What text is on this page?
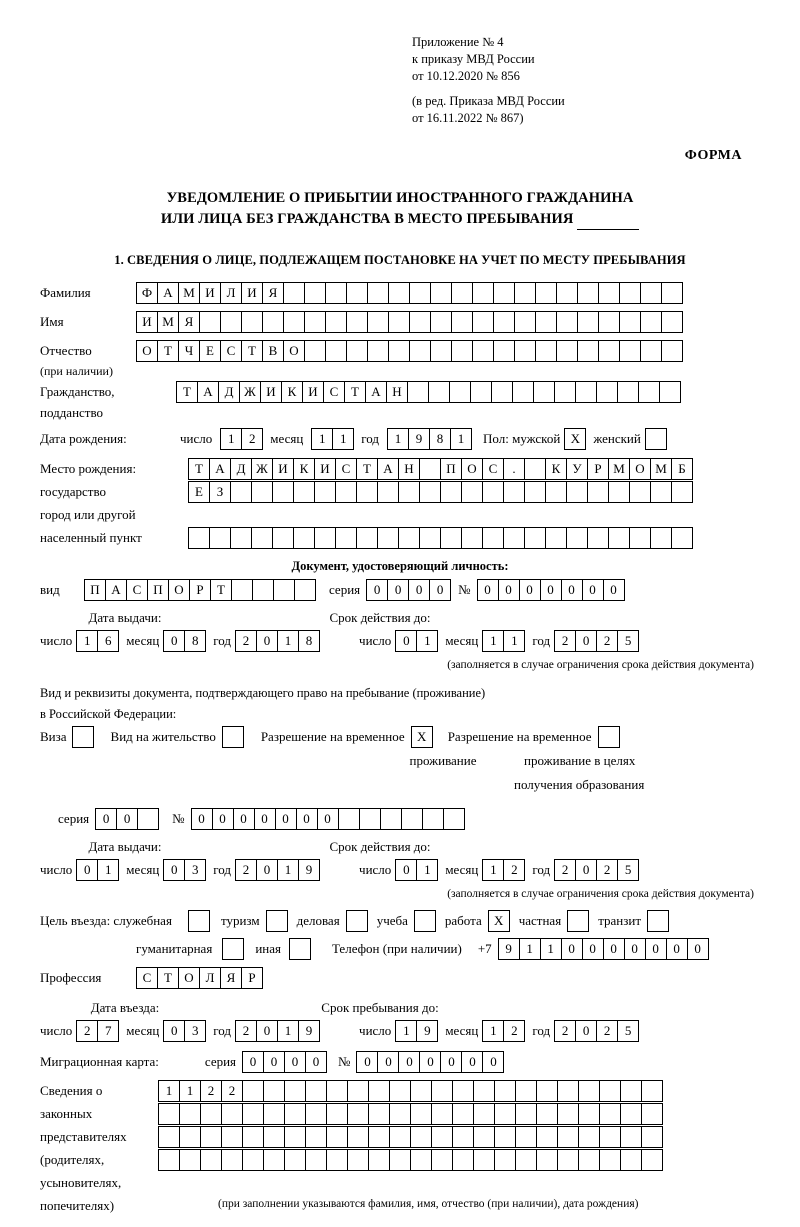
Приложение № 4
к приказу МВД России
от 10.12.2020 № 856
(в ред. Приказа МВД России
от 16.11.2022 № 867)
ФОРМА
УВЕДОМЛЕНИЕ О ПРИБЫТИИ ИНОСТРАННОГО ГРАЖДАНИНА
ИЛИ ЛИЦА БЕЗ ГРАЖДАНСТВА В МЕСТО ПРЕБЫВАНИЯ
1. СВЕДЕНИЯ О ЛИЦЕ, ПОДЛЕЖАЩЕМ ПОСТАНОВКЕ НА УЧЕТ ПО МЕСТУ ПРЕБЫВАНИЯ
Фамилия	Ф А М И Л И Я
Имя	И М Я
Отчество	О Т Ч Е С Т В О
(при наличии)
Гражданство,	Т А Д Ж И К И С Т А Н
подданство
Дата рождения:	число	1	2	месяц	1	1	год	1	9	8	1	Пол: мужской X	женский
Место рождения:	Т А Д Ж И К И С Т А Н	П О С	.	К У Р М О М Б
государство	Е	З
город или другой
населенный пункт
Документ, удостоверяющий личность:
вид	П А С П О Р	Т	серия	0	0	0	0	№	0	0	0	0	0	0	0
Дата выдачи:	Срок действия до:
число 1	6	месяц 0	8	год 2	0	1	8	число 0	1	месяц 1	1	год 2	0	2	5
(заполняется в случае ограничения срока действия документа)
Вид и реквизиты документа, подтверждающего право на пребывание (проживание)
в Российской Федерации:
Виза	Вид на жительство	Разрешение на временное X	Разрешение на временное
проживание	проживание в целях
получения образования
серия	0	0	№	0	0	0	0	0	0	0
Дата выдачи:	Срок действия до:
число 0	1	месяц 0	3	год 2	0	1	9	число 0	1	месяц 1	2	год 2	0	2	5
(заполняется в случае ограничения срока действия документа)
Цель въезда: служебная	туризм	деловая	учеба	работа X	частная	транзит
гуманитарная	иная	Телефон (при наличии) +7	9	1	1	0	0	0	0	0	0	0
Профессия	С Т О Л Я	Р
Дата въезда:	Срок пребывания до:
число 2	7	месяц 0	3	год 2	0	1	9	число 1	9	месяц 1	2	год 2	0	2	5
Миграционная карта:	серия	0	0	0	0	№	0	0	0	0	0	0	0
Сведения о	1	1	2	2
законных
представителях
(родителях,
усыновителях,
попечителях)	(при заполнении указываются фамилия, имя, отчество (при наличии), дата рождения)
